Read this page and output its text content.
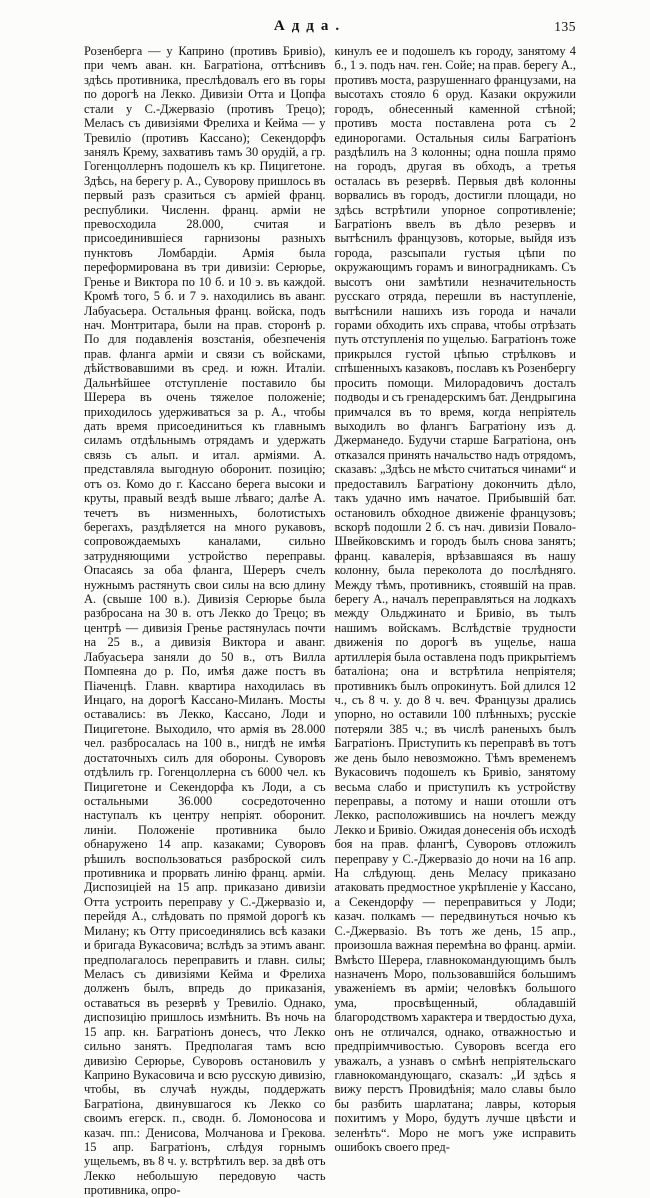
Адда.	135
Розенберга — у Каприно (противъ Бривіо), при чемъ аван. кн. Багратіона, оттѣснивъ здѣсь противника, преслѣдовалъ его въ горы по дорогѣ на Лекко. Дивизіи Отта и Цопфа стали у С.-Джервазіо (противъ Трецо); Меласъ съ дивизіями Фрелиха и Кейма — у Тревиліо (противъ Кассано); Секендорфъ занялъ Крему, захвативъ тамъ 30 орудій, а гр. Гогенцоллернъ подошелъ къ кр. Пицигетоне. Здѣсь, на берегу р. А., Суворову пришлось въ первый разъ сразиться съ арміей франц. республики. Численн. франц. арміи не превосходила 28.000, считая и присоединившіеся гарнизоны разныхъ пунктовъ Ломбардіи. Армія была переформирована въ три дивизіи: Серюрье, Гренье и Виктора по 10 б. и 10 э. въ каждой. Кромѣ того, 5 б. и 7 э. находились въ аванг. Лабуасьера. Остальныя франц. войска, подъ нач. Монтритара, были на прав. сторонѣ р. По для подавленія возстанія, обезпеченія прав. фланга арміи и связи съ войсками, дѣйствовавшими въ сред. и южн. Италіи. Дальнѣйшее отступленіе поставило бы Шерера въ очень тяжелое положеніе; приходилось удерживаться за р. А., чтобы дать время присоединиться къ главнымъ силамъ отдѣльнымъ отрядамъ и удержать связь съ альп. и итал. арміями. А. представляла выгодную оборонит. позицію; отъ оз. Комо до г. Кассано берега высоки и круты, правый вездѣ выше лѣваго; далѣе А. течетъ въ низменныхъ, болотистыхъ берегахъ, раздѣляется на много рукавовъ, сопровождаемыхъ каналами, сильно затрудняющими устройство переправы. Опасаясь за оба фланга, Шереръ счелъ нужнымъ растянуть свои силы на всю длину А. (свыше 100 в.). Дивизія Серюрье была разбросана на 30 в. отъ Лекко до Трецо; въ центрѣ — дивизія Гренье растянулась почти на 25 в., а дивизія Виктора и аванг. Лабуасьера заняли до 50 в., отъ Вилла Помпеяна до р. По, имѣя даже постъ въ Піаченцѣ. Главн. квартира находилась въ Инцаго, на дорогѣ Кассано-Миланъ. Мосты оставались: въ Лекко, Кассано, Лоди и Пицигетоне. Выходило, что армія въ 28.000 чел. разбросалась на 100 в., нигдѣ не имѣя достаточныхъ силъ для обороны. Суворовъ отдѣлилъ гр. Гогенцоллерна съ 6000 чел. къ Пицигетоне и Секендорфа къ Лоди, а съ остальными 36.000 сосредоточенно наступалъ къ центру непріят. оборонит. линіи. Положеніе противника было обнаружено 14 апр. казаками; Суворовъ рѣшилъ воспользоваться разброской силъ противника и прорвать линію франц. арміи. Диспозиціей на 15 апр. приказано дивизіи Отта устроить переправу у С.-Джервазіо и, перейдя А., слѣдовать по прямой дорогѣ къ Милану; къ Отту присоединялись всѣ казаки и бригада Вукасовича; вслѣдъ за этимъ аванг. предполагалось переправить и главн. силы; Меласъ съ дивизіями Кейма и Фрелиха долженъ былъ, впредь до приказанія, оставаться въ резервѣ у Тревиліо. Однако, диспозицію пришлось измѣнить. Въ ночь на 15 апр. кн. Багратіонъ донесъ, что Лекко сильно занятъ. Предполагая тамъ всю дивизію Серюрье, Суворовъ остановилъ у Каприно Вукасовича и всю русскую дивизію, чтобы, въ случаѣ нужды, поддержать Багратіона, двинувшагося къ Лекко со своимъ егерск. п., сводн. б. Ломоносова и казач. пп.: Денисова, Молчанова и Грекова. 15 апр. Багратіонъ, слѣдуя горнымъ ущельемъ, въ 8 ч. у. встрѣтилъ вер. за двѣ отъ Лекко небольшую передовую часть противника, опро-
кинулъ ее и подошелъ къ городу, занятому 4 б., 1 э. подъ нач. ген. Сойе; на прав. берегу А., противъ моста, разрушеннаго французами, на высотахъ стояло 6 оруд. Казаки окружили городъ, обнесенный каменной стѣной; противъ моста поставлена рота съ 2 единорогами. Остальныя силы Багратіонъ раздѣлилъ на 3 колонны; одна пошла прямо на городъ, другая въ обходъ, а третья осталась въ резервѣ. Первыя двѣ колонны ворвались въ городъ, достигли площади, но здѣсь встрѣтили упорное сопротивленіе; Багратіонъ ввелъ въ дѣло резервъ и вытѣснилъ французовъ, которые, выйдя изъ города, разсыпали густыя цѣпи по окружающимъ горамъ и виноградникамъ. Съ высотъ они замѣтили незначительность русскаго отряда, перешли въ наступленіе, вытѣснили нашихъ изъ города и начали горами обходить ихъ справа, чтобы отрѣзать путь отступленія по ущелью. Багратіонъ тоже прикрылся густой цѣпью стрѣлковъ и спѣшенныхъ казаковъ, пославъ къ Розенбергу просить помощи. Милорадовичъ досталъ подводы и съ гренадерскимъ бат. Дендрыгина примчался въ то время, когда непріятель выходилъ во флангъ Багратіону изъ д. Джерманедо. Будучи старше Багратіона, онъ отказался принять начальство надъ отрядомъ, сказавъ: „Здѣсь не мѣсто считаться чинами“ и предоставилъ Багратіону докончить дѣло, такъ удачно имъ начатое. Прибывшій бат. остановилъ обходное движеніе французовъ; вскорѣ подошли 2 б. съ нач. дивизіи Повало-Швейковскимъ и городъ былъ снова занятъ; франц. кавалерія, врѣзавшаяся въ нашу колонну, была переколота до послѣдняго. Между тѣмъ, противникъ, стоявшій на прав. берегу А., началъ переправляться на лодкахъ между Ольджинато и Бривіо, въ тылъ нашимъ войскамъ. Вслѣдствіе трудности движенія по дорогѣ въ ущелье, наша артиллерія была оставлена подъ прикрытіемъ баталіона; она и встрѣтила непріятеля; противникъ былъ опрокинутъ. Бой длился 12 ч., съ 8 ч. у. до 8 ч. веч. Французы дрались упорно, но оставили 100 плѣнныхъ; русскіе потеряли 385 ч.; въ числѣ раненыхъ былъ Багратіонъ. Приступить къ переправѣ въ тотъ же день было невозможно. Тѣмъ временемъ Вукасовичъ подошелъ къ Бривіо, занятому весьма слабо и приступилъ къ устройству переправы, а потому и наши отошли отъ Лекко, расположившись на ночлегъ между Лекко и Бривіо. Ожидая донесенія объ исходѣ боя на прав. флангѣ, Суворовъ отложилъ переправу у С.-Джервазіо до ночи на 16 апр. На слѣдующ. день Меласу приказано атаковать предмостное укрѣпленіе у Кассано, а Секендорфу — переправиться у Лоди; казач. полкамъ — передвинуться ночью къ С.-Джервазіо. Въ тотъ же день, 15 апр., произошла важная перемѣна во франц. арміи. Вмѣсто Шерера, главнокомандующимъ былъ назначенъ Моро, пользовавшійся большимъ уваженіемъ въ арміи; человѣкъ большого ума, просвѣщенный, обладавшій благородствомъ характера и твердостью духа, онъ не отличался, однако, отважностью и предпріимчивостью. Суворовъ всегда его уважалъ, а узнавъ о смѣнѣ непріятельскаго главнокомандующаго, сказалъ: „И здѣсь я вижу перстъ Провидѣнія; мало славы было бы разбить шарлатана; лавры, которыя похитимъ у Моро, будутъ лучше цвѣсти и зеленѣть“. Моро не могъ уже исправить ошибокъ своего пред-
